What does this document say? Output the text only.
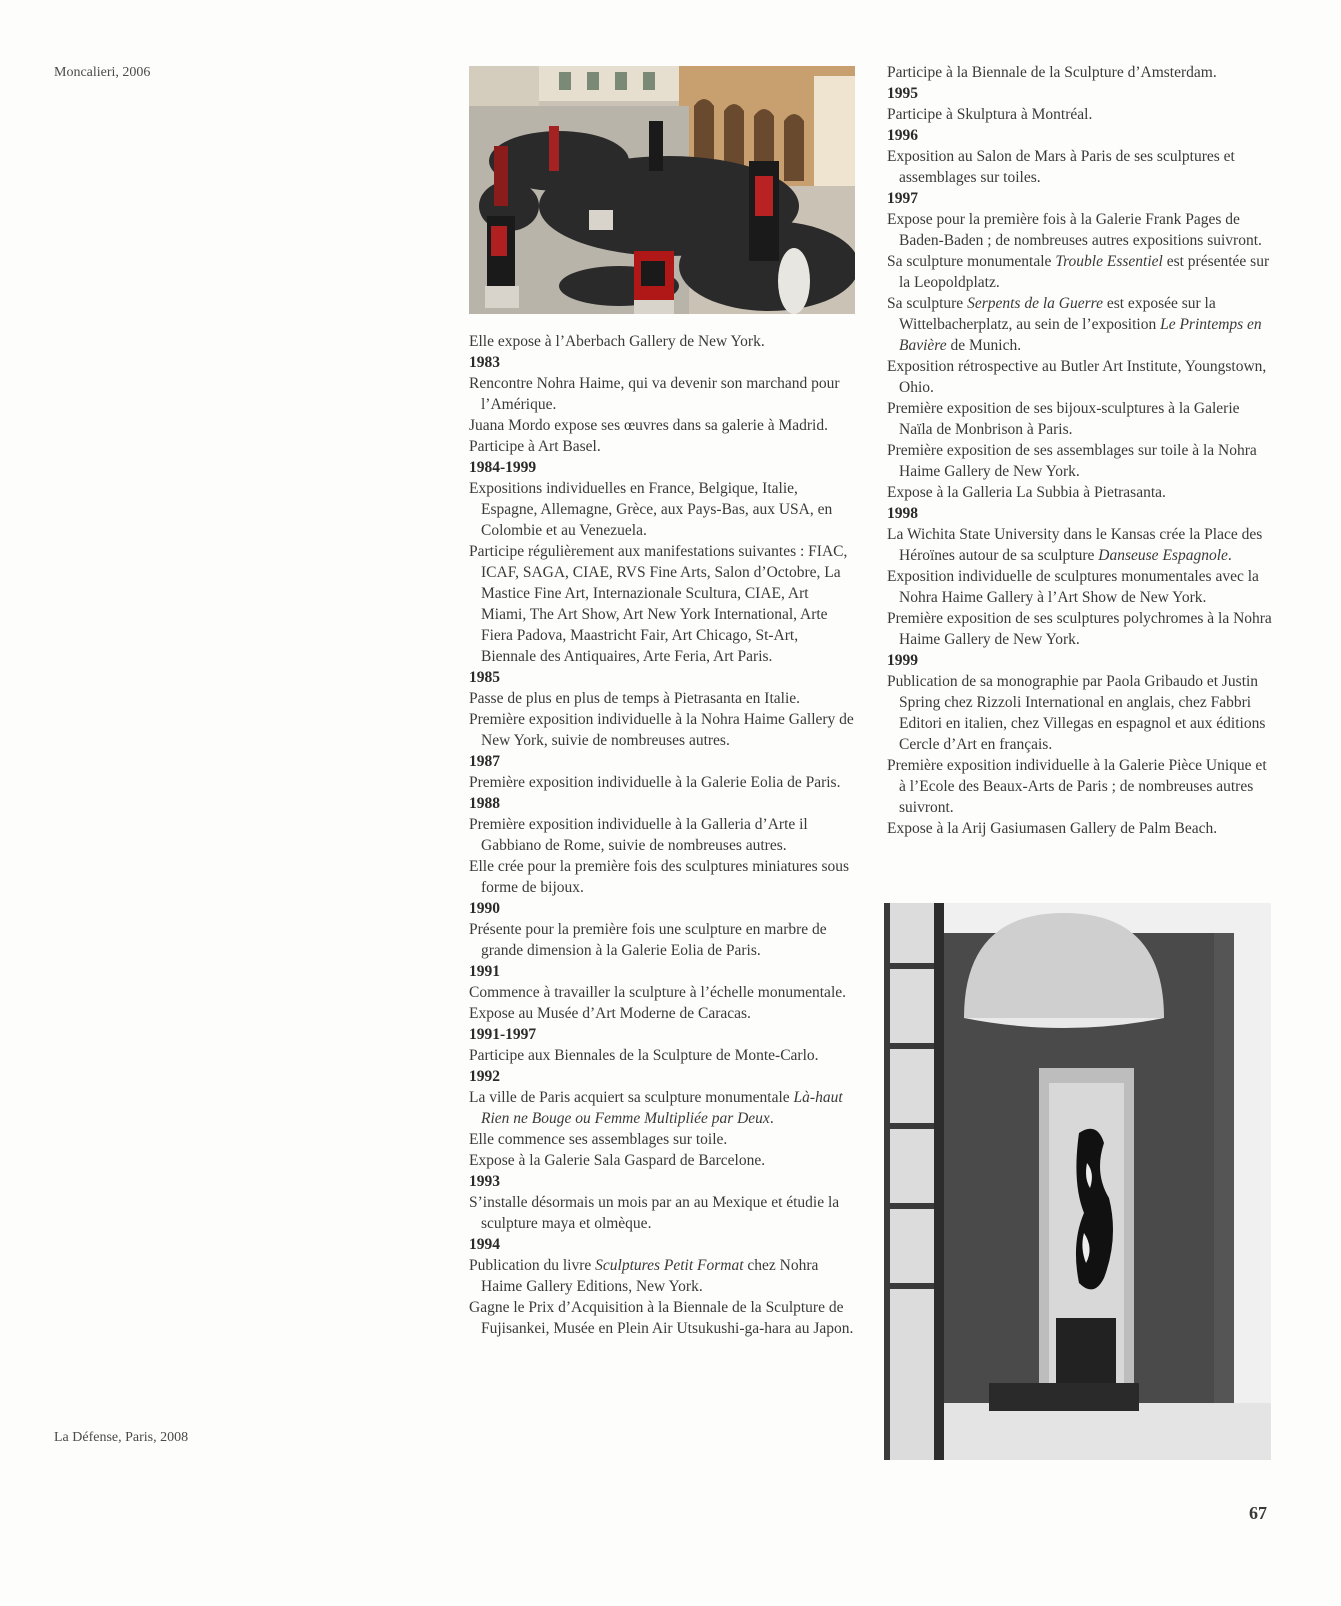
Moncalieri, 2006
La Défense, Paris, 2008

Elle expose à l’Aberbach Gallery de New York.

1983

Rencontre Nohra Haime, qui va devenir son marchand pour l’Amérique.

Juana Mordo expose ses œuvres dans sa galerie à Madrid.

Participe à Art Basel.

1984-1999

Expositions individuelles en France, Belgique, Italie, Espagne, Allemagne, Grèce, aux Pays-Bas, aux USA, en Colombie et au Venezuela.

Participe régulièrement aux manifestations suivantes : FIAC, ICAF, SAGA, CIAE, RVS Fine Arts, Salon d’Octobre, La Mastice Fine Art, Internazionale Scultura, CIAE, Art Miami, The Art Show, Art New York International, Arte Fiera Padova, Maastricht Fair, Art Chicago, St-Art, Biennale des Antiquaires, Arte Feria, Art Paris.

1985

Passe de plus en plus de temps à Pietrasanta en Italie.

Première exposition individuelle à la Nohra Haime Gallery de New York, suivie de nombreuses autres.

1987

Première exposition individuelle à la Galerie Eolia de Paris.

1988

Première exposition individuelle à la Galleria d’Arte il Gabbiano de Rome, suivie de nombreuses autres.

Elle crée pour la première fois des sculptures miniatures sous forme de bijoux.

1990

Présente pour la première fois une sculpture en marbre de grande dimension à la Galerie Eolia de Paris.

1991

Commence à travailler la sculpture à l’échelle monumentale.

Expose au Musée d’Art Moderne de Caracas.

1991-1997

Participe aux Biennales de la Sculpture de Monte-Carlo.

1992

La ville de Paris acquiert sa sculpture monumentale Là-haut Rien ne Bouge ou Femme Multipliée par Deux.

Elle commence ses assemblages sur toile.

Expose à la Galerie Sala Gaspard de Barcelone.

1993

S’installe désormais un mois par an au Mexique et étudie la sculpture maya et olmèque.

1994

Publication du livre Sculptures Petit Format chez Nohra Haime Gallery Editions, New York.

Gagne le Prix d’Acquisition à la Biennale de la Sculpture de Fujisankei, Musée en Plein Air Utsukushi-ga-hara au Japon.

Participe à la Biennale de la Sculpture d’Amsterdam.

1995

Participe à Skulptura à Montréal.

1996

Exposition au Salon de Mars à Paris de ses sculptures et assemblages sur toiles.

1997

Expose pour la première fois à la Galerie Frank Pages de Baden-Baden ; de nombreuses autres expositions suivront.

Sa sculpture monumentale Trouble Essentiel est présentée sur la Leopoldplatz.

Sa sculpture Serpents de la Guerre est exposée sur la Wittelbacherplatz, au sein de l’exposition Le Printemps en Bavière de Munich.

Exposition rétrospective au Butler Art Institute, Youngstown, Ohio.

Première exposition de ses bijoux-sculptures à la Galerie Naïla de Monbrison à Paris.

Première exposition de ses assemblages sur toile à la Nohra Haime Gallery de New York.

Expose à la Galleria La Subbia à Pietrasanta.

1998

La Wichita State University dans le Kansas crée la Place des Héroïnes autour de sa sculpture Danseuse Espagnole.

Exposition individuelle de sculptures monumentales avec la Nohra Haime Gallery à l’Art Show de New York.

Première exposition de ses sculptures polychromes à la Nohra Haime Gallery de New York.

1999

Publication de sa monographie par Paola Gribaudo et Justin Spring chez Rizzoli International en anglais, chez Fabbri Editori en italien, chez Villegas en espagnol et aux éditions Cercle d’Art en français.

Première exposition individuelle à la Galerie Pièce Unique et à l’Ecole des Beaux-Arts de Paris ; de nombreuses autres suivront.

Expose à la Arij Gasiumasen Gallery de Palm Beach.

67
